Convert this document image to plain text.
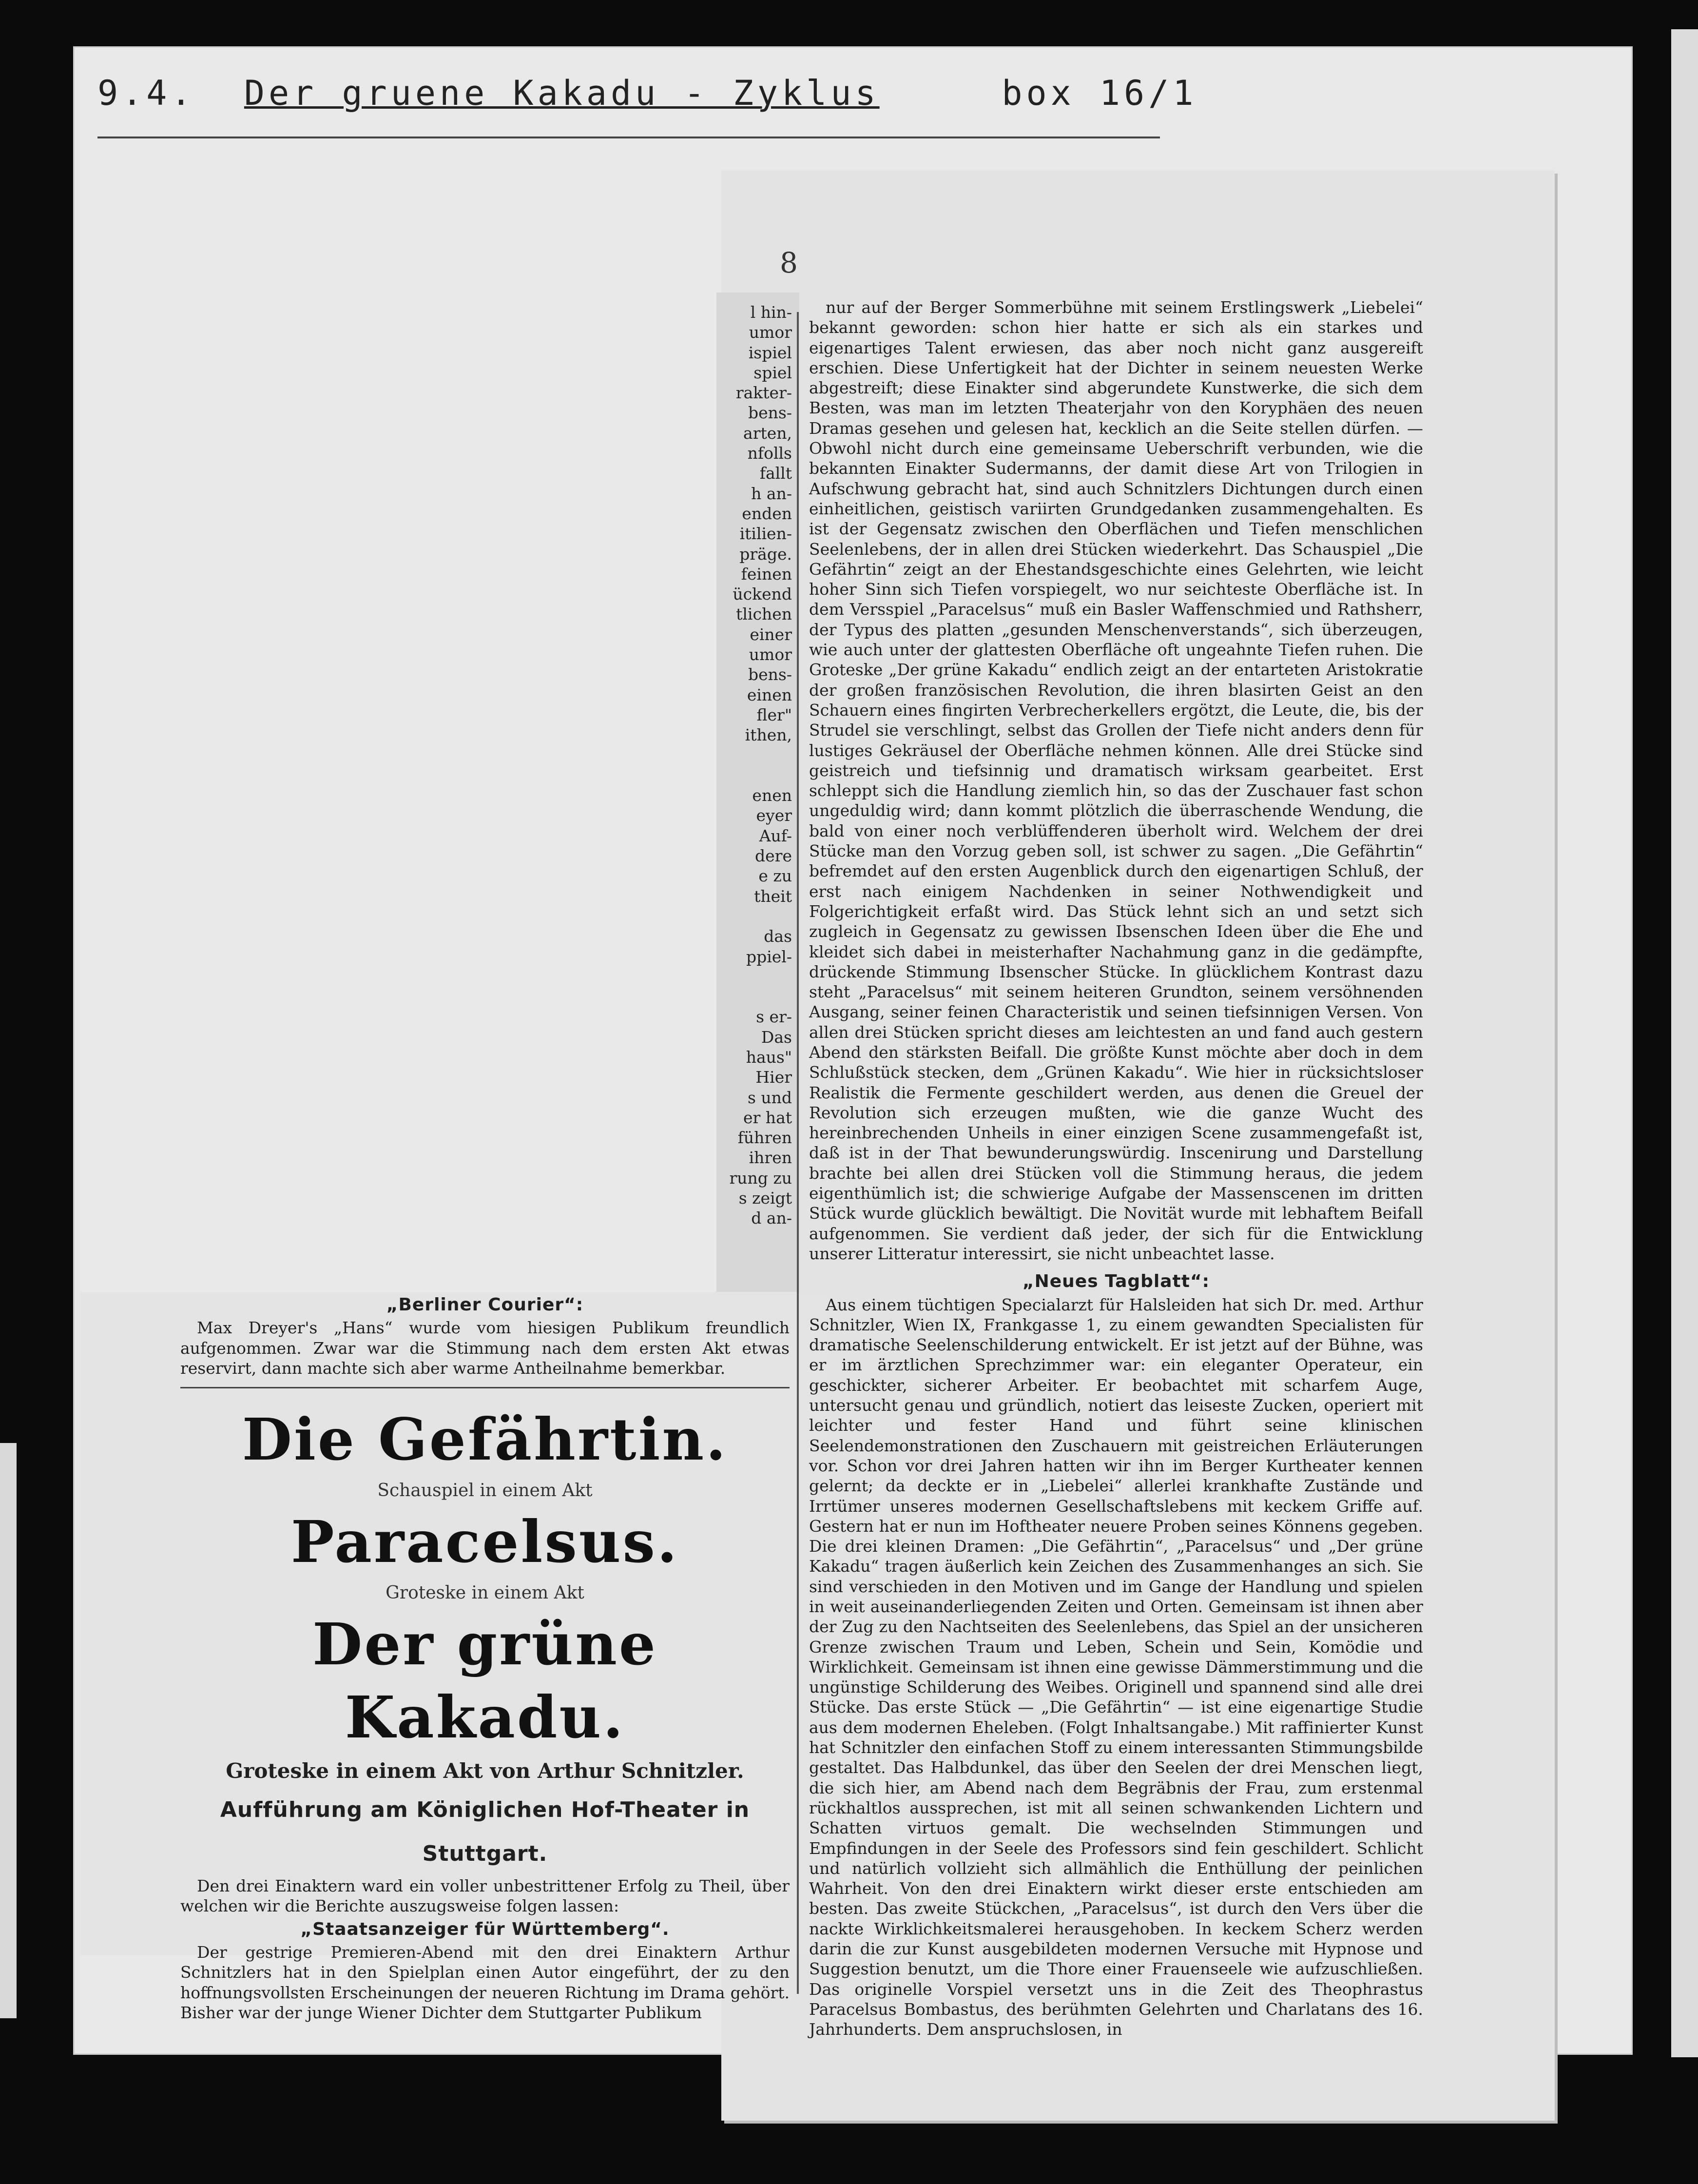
9.4. Der gruene Kakadu - Zyklus	box 16/1
8
l hin-
umor
ispiel
spiel
rakter-
bens-
arten,
nfolls
fallt
h an-
enden
itilien-
präge.
feinen
ückend
tlichen
einer
umor
bens-
einen
fler"
ithen,
enen
eyer
Auf-
dere
e zu
theit
das
ppiel-
s er-
Das
haus"
Hier
s und
er hat
führen
ihren
rung zu
s zeigt
d an-

nur auf der Berger Sommerbühne mit seinem Erstlingswerk „Liebelei“ bekannt geworden: schon hier hatte er sich als ein starkes und eigenartiges Talent erwiesen, das aber noch nicht ganz ausgereift erschien. Diese Unfertigkeit hat der Dichter in seinem neuesten Werke abgestreift; diese Einakter sind abgerundete Kunstwerke, die sich dem Besten, was man im letzten Theaterjahr von den Koryphäen des neuen Dramas gesehen und gelesen hat, kecklich an die Seite stellen dürfen. — Obwohl nicht durch eine gemeinsame Ueberschrift verbunden, wie die bekannten Einakter Sudermanns, der damit diese Art von Trilogien in Aufschwung gebracht hat, sind auch Schnitzlers Dichtungen durch einen einheitlichen, geistisch variirten Grundgedanken zusammengehalten. Es ist der Gegensatz zwischen den Oberflächen und Tiefen menschlichen Seelenlebens, der in allen drei Stücken wiederkehrt. Das Schauspiel „Die Gefährtin“ zeigt an der Ehestandsgeschichte eines Gelehrten, wie leicht hoher Sinn sich Tiefen vorspiegelt, wo nur seichteste Oberfläche ist. In dem Versspiel „Paracelsus“ muß ein Basler Waffenschmied und Rathsherr, der Typus des platten „gesunden Menschenverstands“, sich überzeugen, wie auch unter der glattesten Oberfläche oft ungeahnte Tiefen ruhen. Die Groteske „Der grüne Kakadu“ endlich zeigt an der entarteten Aristokratie der großen französischen Revolution, die ihren blasirten Geist an den Schauern eines fingirten Verbrecherkellers ergötzt, die Leute, die, bis der Strudel sie verschlingt, selbst das Grollen der Tiefe nicht anders denn für lustiges Gekräusel der Oberfläche nehmen können. Alle drei Stücke sind geistreich und tiefsinnig und dramatisch wirksam gearbeitet. Erst schleppt sich die Handlung ziemlich hin, so das der Zuschauer fast schon ungeduldig wird; dann kommt plötzlich die überraschende Wendung, die bald von einer noch verblüffenderen überholt wird. Welchem der drei Stücke man den Vorzug geben soll, ist schwer zu sagen. „Die Gefährtin“ befremdet auf den ersten Augenblick durch den eigenartigen Schluß, der erst nach einigem Nachdenken in seiner Nothwendigkeit und Folgerichtigkeit erfaßt wird. Das Stück lehnt sich an und setzt sich zugleich in Gegensatz zu gewissen Ibsenschen Ideen über die Ehe und kleidet sich dabei in meisterhafter Nachahmung ganz in die gedämpfte, drückende Stimmung Ibsenscher Stücke. In glücklichem Kontrast dazu steht „Paracelsus“ mit seinem heiteren Grundton, seinem versöhnenden Ausgang, seiner feinen Characteristik und seinen tiefsinnigen Versen. Von allen drei Stücken spricht dieses am leichtesten an und fand auch gestern Abend den stärksten Beifall. Die größte Kunst möchte aber doch in dem Schlußstück stecken, dem „Grünen Kakadu“. Wie hier in rücksichtsloser Realistik die Fermente geschildert werden, aus denen die Greuel der Revolution sich erzeugen mußten, wie die ganze Wucht des hereinbrechenden Unheils in einer einzigen Scene zusammengefaßt ist, daß ist in der That bewunderungswürdig. Inscenirung und Darstellung brachte bei allen drei Stücken voll die Stimmung heraus, die jedem eigenthümlich ist; die schwierige Aufgabe der Massenscenen im dritten Stück wurde glücklich bewältigt. Die Novität wurde mit lebhaftem Beifall aufgenommen. Sie verdient daß jeder, der sich für die Entwicklung unserer Litteratur interessirt, sie nicht unbeachtet lasse.

„Neues Tagblatt“:

Aus einem tüchtigen Specialarzt für Halsleiden hat sich Dr. med. Arthur Schnitzler, Wien IX, Frankgasse 1, zu einem gewandten Specialisten für dramatische Seelenschilderung entwickelt. Er ist jetzt auf der Bühne, was er im ärztlichen Sprechzimmer war: ein eleganter Operateur, ein geschickter, sicherer Arbeiter. Er beobachtet mit scharfem Auge, untersucht genau und gründlich, notiert das leiseste Zucken, operiert mit leichter und fester Hand und führt seine klinischen Seelendemonstrationen den Zuschauern mit geistreichen Erläuterungen vor. Schon vor drei Jahren hatten wir ihn im Berger Kurtheater kennen gelernt; da deckte er in „Liebelei“ allerlei krankhafte Zustände und Irrtümer unseres modernen Gesellschaftslebens mit keckem Griffe auf. Gestern hat er nun im Hoftheater neuere Proben seines Könnens gegeben. Die drei kleinen Dramen: „Die Gefährtin“, „Paracelsus“ und „Der grüne Kakadu“ tragen äußerlich kein Zeichen des Zusammenhanges an sich. Sie sind verschieden in den Motiven und im Gange der Handlung und spielen in weit auseinanderliegenden Zeiten und Orten. Gemeinsam ist ihnen aber der Zug zu den Nachtseiten des Seelenlebens, das Spiel an der unsicheren Grenze zwischen Traum und Leben, Schein und Sein, Komödie und Wirklichkeit. Gemeinsam ist ihnen eine gewisse Dämmerstimmung und die ungünstige Schilderung des Weibes. Originell und spannend sind alle drei Stücke. Das erste Stück — „Die Gefährtin“ — ist eine eigenartige Studie aus dem modernen Eheleben. (Folgt Inhaltsangabe.) Mit raffinierter Kunst hat Schnitzler den einfachen Stoff zu einem interessanten Stimmungsbilde gestaltet. Das Halbdunkel, das über den Seelen der drei Menschen liegt, die sich hier, am Abend nach dem Begräbnis der Frau, zum erstenmal rückhaltlos aussprechen, ist mit all seinen schwankenden Lichtern und Schatten virtuos gemalt. Die wechselnden Stimmungen und Empfindungen in der Seele des Professors sind fein geschildert. Schlicht und natürlich vollzieht sich allmählich die Enthüllung der peinlichen Wahrheit. Von den drei Einaktern wirkt dieser erste entschieden am besten. Das zweite Stückchen, „Paracelsus“, ist durch den Vers über die nackte Wirklichkeitsmalerei herausgehoben. In keckem Scherz werden darin die zur Kunst ausgebildeten modernen Versuche mit Hypnose und Suggestion benutzt, um die Thore einer Frauenseele wie aufzuschließen. Das originelle Vorspiel versetzt uns in die Zeit des Theophrastus Paracelsus Bombastus, des berühmten Gelehrten und Charlatans des 16. Jahrhunderts. Dem anspruchslosen, in

„Berliner Courier“:

Max Dreyer's „Hans“ wurde vom hiesigen Publikum freundlich aufgenommen. Zwar war die Stimmung nach dem ersten Akt etwas reservirt, dann machte sich aber warme Antheilnahme bemerkbar.

Die Gefährtin.
Schauspiel in einem Akt
Paracelsus.
Groteske in einem Akt
Der grüne Kakadu.
Groteske in einem Akt von Arthur Schnitzler.
Aufführung am Königlichen Hof-Theater in Stuttgart.

Den drei Einaktern ward ein voller unbestrittener Erfolg zu Theil, über welchen wir die Berichte auszugsweise folgen lassen:

„Staatsanzeiger für Württemberg“.

Der gestrige Premieren-Abend mit den drei Einaktern Arthur Schnitzlers hat in den Spielplan einen Autor eingeführt, der zu den hoffnungsvollsten Erscheinungen der neueren Richtung im Drama gehört. Bisher war der junge Wiener Dichter dem Stuttgarter Publikum
